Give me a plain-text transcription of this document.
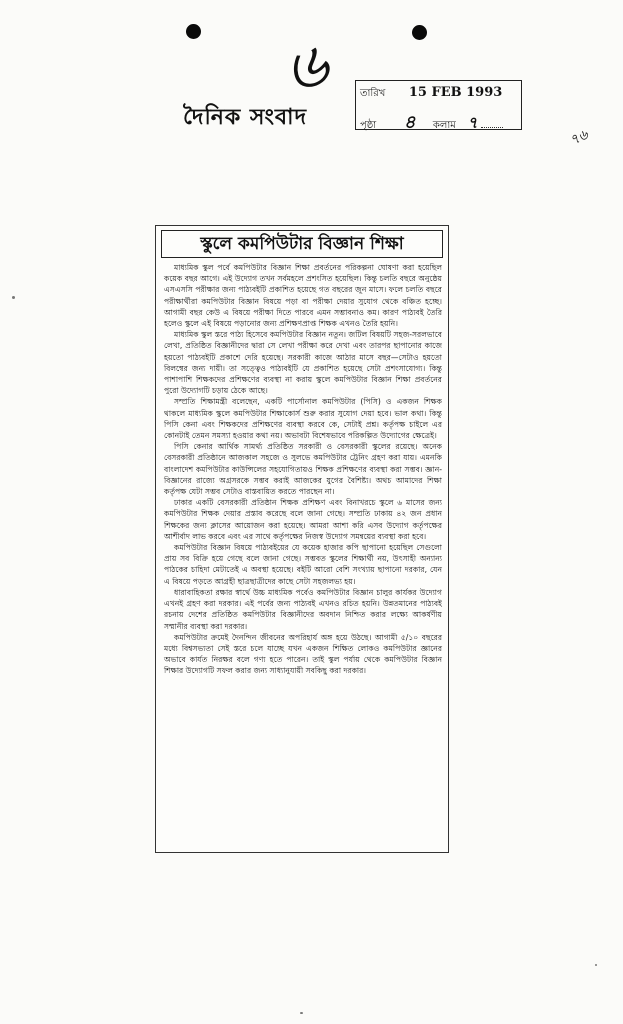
৬
দৈনিক সংবাদ
৭৬
তারিখ 15 FEB 1993
পৃষ্ঠা ৪ কলাম ৭
স্কুলে কমপিউটার বিজ্ঞান শিক্ষা

মাধ্যমিক স্কুল পর্বে কমপিউটার বিজ্ঞান শিক্ষা প্রবর্তনের পরিকল্পনা ঘোষণা করা হয়েছিল কয়েক বছর আগে। এই উদ্যোগ তখন সর্বমহলে প্রশংসিত হয়েছিল। কিন্তু চলতি বছরে অনুষ্ঠেয় এসএসসি পরীক্ষার জন্য পাঠ্যবইটি প্রকাশিত হয়েছে গত বছরের জুন মাসে। ফলে চলতি বছরে পরীক্ষার্থীরা কমপিউটার বিজ্ঞান বিষয়ে পড়া বা পরীক্ষা দেয়ার সুযোগ থেকে বঞ্চিত হচ্ছে। আগামী বছর কেউ এ বিষয়ে পরীক্ষা দিতে পারবে এমন সম্ভাবনাও কম। কারণ পাঠ্যবই তৈরি হলেও স্কুলে এই বিষয়ে পড়ানোর জন্য প্রশিক্ষণপ্রাপ্ত শিক্ষক এখনও তৈরি হয়নি।

মাধ্যমিক স্কুল স্তরে পাঠ্য হিসেবে কমপিউটার বিজ্ঞান নতুন। জটিল বিষয়টি সহজ-সরলভাবে লেখা, প্রতিষ্ঠিত বিজ্ঞানীদের দ্বারা সে লেখা পরীক্ষা করে দেখা এবং তারপর ছাপানোর কাজে হয়তো পাঠ্যবইটি প্রকাশে দেরি হয়েছে। সরকারী কাজে আঠার মাসে বছর—সেটাও হয়তো বিলম্বের জন্য দায়ী। তা সত্ত্বেও পাঠ্যবইটি যে প্রকাশিত হয়েছে সেটা প্রশংসাযোগ্য। কিন্তু পাশাপাশি শিক্ষকদের প্রশিক্ষণের ব্যবস্থা না করায় স্কুলে কমপিউটার বিজ্ঞান শিক্ষা প্রবর্তনের পুরো উদ্যোগটি চড়ায় ঠেকে আছে।

সম্প্রতি শিক্ষামন্ত্রী বলেছেন, একটি পার্সোনাল কমপিউটার (পিসি) ও একজন শিক্ষক থাকলে মাধ্যমিক স্কুলে কমপিউটার শিক্ষাকোর্স শুরু করার সুযোগ দেয়া হবে। ভাল কথা। কিন্তু পিসি কেনা এবং শিক্ষকদের প্রশিক্ষণের ব্যবস্থা করবে কে, সেটাই প্রশ্ন। কর্তৃপক্ষ চাইলে এর কোনটাই তেমন সমস্যা হওয়ার কথা নয়। অভাবটা বিশেষভাবে পরিকল্পিত উদ্যোগের ক্ষেত্রেই।

পিসি কেনার আর্থিক সামর্থ্য প্রতিষ্ঠিত সরকারী ও বেসরকারী স্কুলের রয়েছে। অনেক বেসরকারী প্রতিষ্ঠানে আজকাল সহজে ও সুলভে কমপিউটার ট্রেনিং গ্রহণ করা যায়। এমনকি বাংলাদেশ কমপিউটার কাউন্সিলের সহযোগিতায়ও শিক্ষক প্রশিক্ষণের ব্যবস্থা করা সম্ভব। জ্ঞান-বিজ্ঞানের রাজ্যে অগ্রসরকে সম্ভব করাই আজকের যুগের বৈশিষ্ট্য। অথচ আমাদের শিক্ষা কর্তৃপক্ষ যেটা সম্ভব সেটাও বাস্তবায়িত করতে পারছেন না।

ঢাকার একটি বেসরকারী প্রতিষ্ঠান শিক্ষক প্রশিক্ষণ এবং বিনাখরচে স্কুলে ৬ মাসের জন্য কমপিউটার শিক্ষক দেয়ার প্রস্তাব করেছে বলে জানা গেছে। সম্প্রতি ঢাকায় ৪২ জন প্রধান শিক্ষকের জন্য ক্লাসের আয়োজন করা হয়েছে। আমরা আশা করি এসব উদ্যোগ কর্তৃপক্ষের আশীর্বাদ লাভ করবে এবং এর সাথে কর্তৃপক্ষের নিজস্ব উদ্যোগ সমন্বয়ের ব্যবস্থা করা হবে।

কমপিউটার বিজ্ঞান বিষয়ে পাঠ্যবইয়ের যে কয়েক হাজার কপি ছাপানো হয়েছিল সেগুলো প্রায় সব বিক্রি হয়ে গেছে বলে জানা গেছে। সম্ভবত স্কুলের শিক্ষার্থী নয়, উৎসাহী অন্যান্য পাঠকের চাহিদা মেটাতেই এ অবস্থা হয়েছে। বইটি আরো বেশি সংখ্যায় ছাপানো দরকার, যেন এ বিষয়ে পড়তে আগ্রহী ছাত্রছাত্রীদের কাছে সেটা সহজলভ্য হয়।

ধারাবাহিকতা রক্ষার স্বার্থে উচ্চ মাধ্যমিক পর্বেও কমপিউটার বিজ্ঞান চালুর কার্যকর উদ্যোগ এখনই গ্রহণ করা দরকার। এই পর্বের জন্য পাঠ্যবই এখনও রচিত হয়নি। উন্নতমানের পাঠ্যবই রচনায় দেশের প্রতিষ্ঠিত কমপিউটার বিজ্ঞানীদের অবদান নিশ্চিত করার লক্ষ্যে আকর্ষণীয় সম্মানীর ব্যবস্থা করা দরকার।

কমপিউটার ক্রমেই দৈনন্দিন জীবনের অপরিহার্য অঙ্গ হয়ে উঠছে। আগামী ৫/১০ বছরের মধ্যে বিশ্বসভ্যতা সেই স্তরে চলে যাচ্ছে যখন একজন শিক্ষিত লোকও কমপিউটার জ্ঞানের অভাবে কার্যত নিরক্ষর বলে গণ্য হতে পারেন। তাই স্কুল পর্যায় থেকে কমপিউটার বিজ্ঞান শিক্ষার উদ্যোগটি সফল করার জন্য সাধ্যানুযায়ী সবকিছু করা দরকার।
